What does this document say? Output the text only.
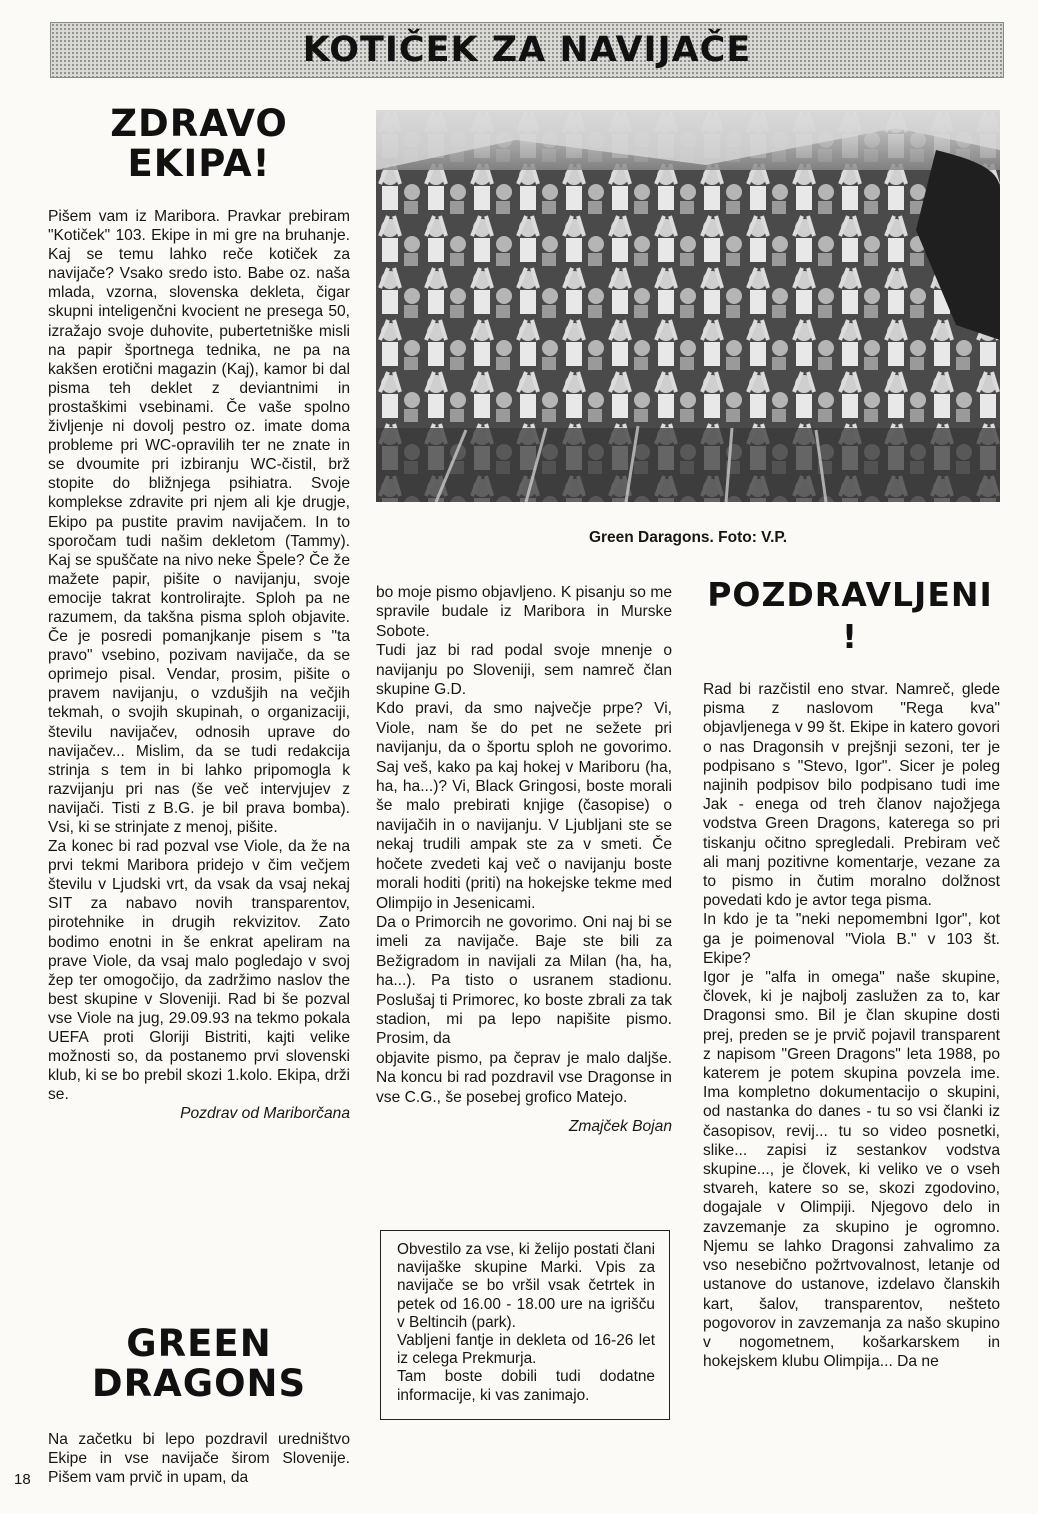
KOTIČEK ZA NAVIJAČE
ZDRAVO
EKIPA!

Pišem vam iz Maribora. Pravkar prebiram "Kotiček" 103. Ekipe in mi gre na bruhanje. Kaj se temu lahko reče kotiček za navijače? Vsako sredo isto. Babe oz. naša mlada, vzorna, slovenska dekleta, čigar skupni inteligenčni kvocient ne presega 50, izražajo svoje duhovite, pubertetniške misli na papir športnega tednika, ne pa na kakšen erotični magazin (Kaj), kamor bi dal pisma teh deklet z deviantnimi in prostaškimi vsebinami. Če vaše spolno življenje ni dovolj pestro oz. imate doma probleme pri WC-opravilih ter ne znate in se dvoumite pri izbiranju WC-čistil, brž stopite do bližnjega psihiatra. Svoje komplekse zdravite pri njem ali kje drugje, Ekipo pa pustite pravim navijačem. In to sporočam tudi našim dekletom (Tammy). Kaj se spuščate na nivo neke Špele? Če že mažete papir, pišite o navijanju, svoje emocije takrat kontrolirajte. Sploh pa ne razumem, da takšna pisma sploh objavite. Če je posredi pomanjkanje pisem s "ta pravo" vsebino, pozivam navijače, da se oprimejo pisal. Vendar, prosim, pišite o pravem navijanju, o vzdušjih na večjih tekmah, o svojih skupinah, o organizaciji, številu navijačev, odnosih uprave do navijačev... Mislim, da se tudi redakcija strinja s tem in bi lahko pripomogla k razvijanju pri nas (še več intervjujev z navijači. Tisti z B.G. je bil prava bomba). Vsi, ki se strinjate z menoj, pišite.

Za konec bi rad pozval vse Viole, da že na prvi tekmi Maribora pridejo v čim večjem številu v Ljudski vrt, da vsak da vsaj nekaj SIT za nabavo novih transparentov, pirotehnike in drugih rekvizitov. Zato bodimo enotni in še enkrat apeliram na prave Viole, da vsaj malo pogledajo v svoj žep ter omogočijo, da zadržimo naslov the best skupine v Sloveniji. Rad bi še pozval vse Viole na jug, 29.09.93 na tekmo pokala UEFA proti Gloriji Bistriti, kajti velike možnosti so, da postanemo prvi slovenski klub, ki se bo prebil skozi 1.kolo. Ekipa, drži se.

Pozdrav od Mariborčana

GREEN
DRAGONS

Na začetku bi lepo pozdravil uredništvo Ekipe in vse navijače širom Slovenije. Pišem vam prvič in upam, da

Green Daragons. Foto: V.P.

bo moje pismo objavljeno. K pisanju so me spravile budale iz Maribora in Murske Sobote.

Tudi jaz bi rad podal svoje mnenje o navijanju po Sloveniji, sem namreč član skupine G.D.

Kdo pravi, da smo največje prpe? Vi, Viole, nam še do pet ne sežete pri navijanju, da o športu sploh ne govorimo. Saj veš, kako pa kaj hokej v Mariboru (ha, ha, ha...)? Vi, Black Gringosi, boste morali še malo prebirati knjige (časopise) o navijačih in o navijanju. V Ljubljani ste se nekaj trudili ampak ste za v smeti. Če hočete zvedeti kaj več o navijanju boste morali hoditi (priti) na hokejske tekme med Olimpijo in Jesenicami.

Da o Primorcih ne govorimo. Oni naj bi se imeli za navijače. Baje ste bili za Bežigradom in navijali za Milan (ha, ha, ha...). Pa tisto o usranem stadionu. Poslušaj ti Primorec, ko boste zbrali za tak stadion, mi pa lepo napišite pismo. Prosim, da

objavite pismo, pa čeprav je malo daljše. Na koncu bi rad pozdravil vse Dragonse in vse C.G., še posebej grofico Matejo.

Zmajček Bojan

Obvestilo za vse, ki želijo postati člani navijaške skupine Marki. Vpis za navijače se bo vršil vsak četrtek in petek od 16.00 - 18.00 ure na igrišču v Beltincih (park).

Vabljeni fantje in dekleta od 16-26 let iz celega Prekmurja.

Tam boste dobili tudi dodatne informacije, ki vas zanimajo.

POZDRAVLJENI
!

Rad bi razčistil eno stvar. Namreč, glede pisma z naslovom "Rega kva" objavljenega v 99 št. Ekipe in katero govori o nas Dragonsih v prejšnji sezoni, ter je podpisano s "Stevo, Igor". Sicer je poleg najinih podpisov bilo podpisano tudi ime Jak - enega od treh članov najožjega vodstva Green Dragons, katerega so pri tiskanju očitno spregledali. Prebiram več ali manj pozitivne komentarje, vezane za to pismo in čutim moralno dolžnost povedati kdo je avtor tega pisma.

In kdo je ta "neki nepomembni Igor", kot ga je poimenoval "Viola B." v 103 št. Ekipe?

Igor je "alfa in omega" naše skupine, človek, ki je najbolj zaslužen za to, kar Dragonsi smo. Bil je član skupine dosti prej, preden se je prvič pojavil transparent z napisom "Green Dragons" leta 1988, po katerem je potem skupina povzela ime. Ima kompletno dokumentacijo o skupini, od nastanka do danes - tu so vsi članki iz časopisov, revij... tu so video posnetki, slike... zapisi iz sestankov vodstva skupine..., je človek, ki veliko ve o vseh stvareh, katere so se, skozi zgodovino, dogajale v Olimpiji. Njegovo delo in zavzemanje za skupino je ogromno. Njemu se lahko Dragonsi zahvalimo za vso nesebično požrtvovalnost, letanje od ustanove do ustanove, izdelavo članskih kart, šalov, transparentov, nešteto pogovorov in zavzemanja za našo skupino v nogometnem, košarkarskem in hokejskem klubu Olimpija... Da ne

18
